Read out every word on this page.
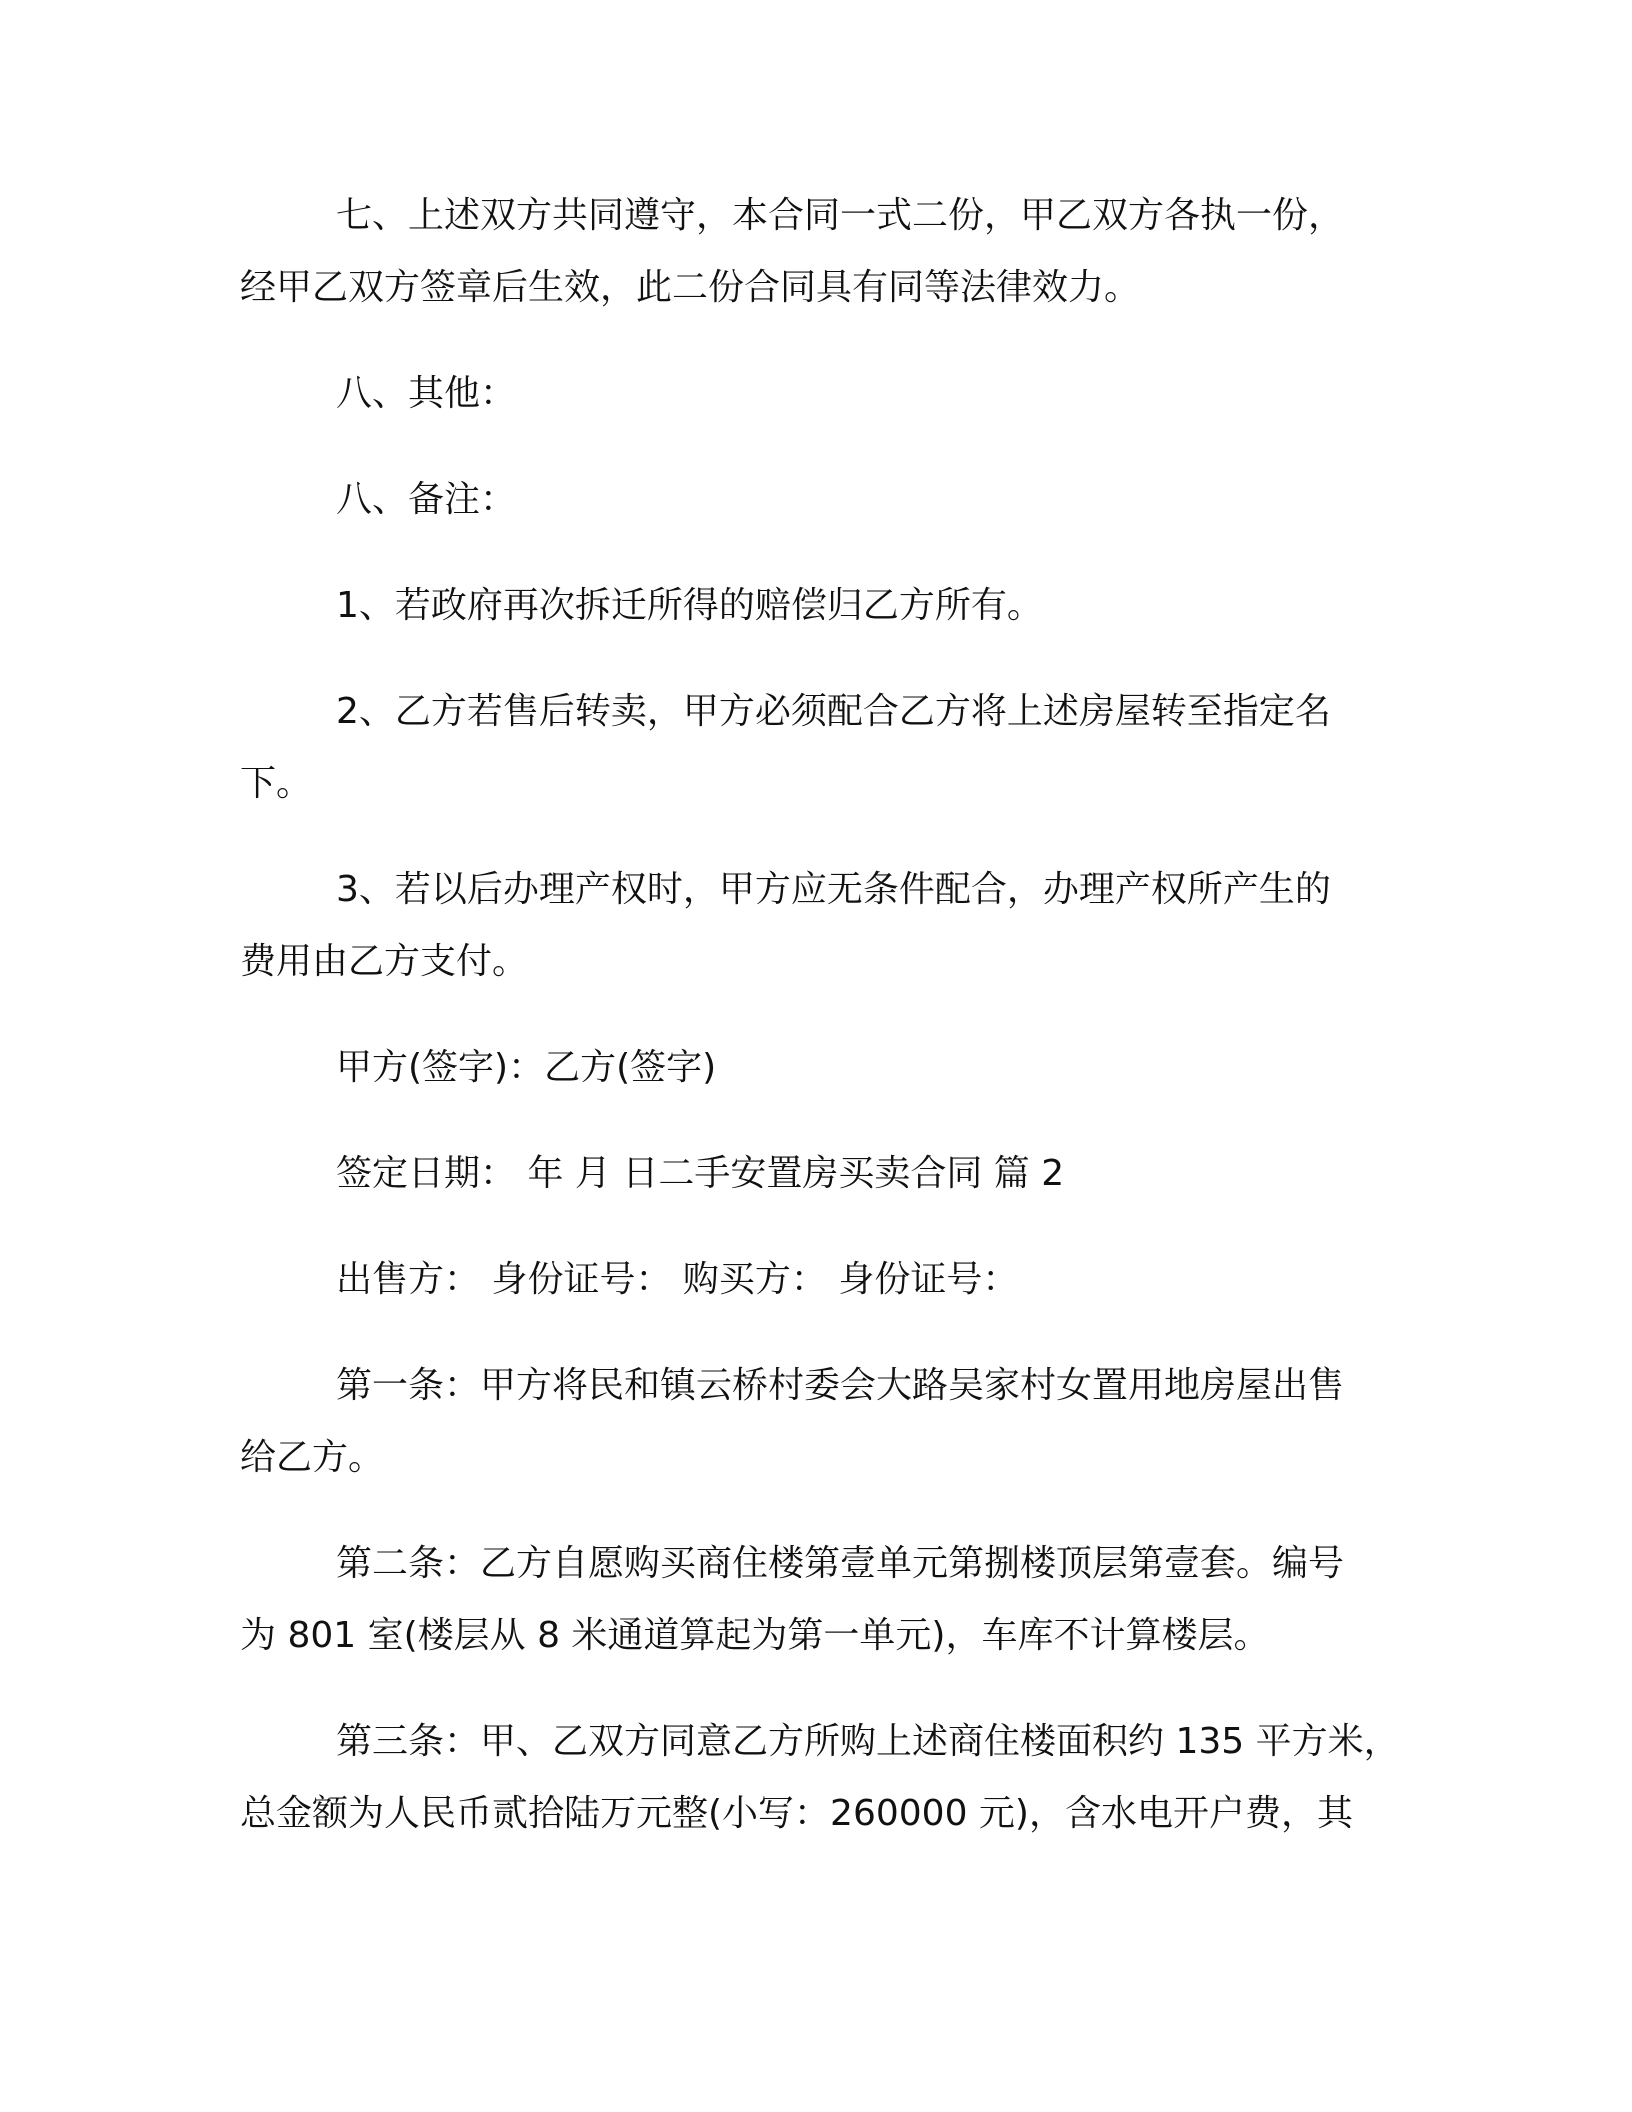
七、上述双方共同遵守，本合同一式二份，甲乙双方各执一份，
经甲乙双方签章后生效，此二份合同具有同等法律效力。
八、其他：
八、备注：
1、若政府再次拆迁所得的赔偿归乙方所有。
2、乙方若售后转卖，甲方必须配合乙方将上述房屋转至指定名
下。
3、若以后办理产权时，甲方应无条件配合，办理产权所产生的
费用由乙方支付。
甲方(签字)：乙方(签字)
签定日期： 年 月 日二手安置房买卖合同 篇 2
出售方： 身份证号： 购买方： 身份证号：
第一条：甲方将民和镇云桥村委会大路吴家村女置用地房屋出售
给乙方。
第二条：乙方自愿购买商住楼第壹单元第捌楼顶层第壹套。编号
为 801 室(楼层从 8 米通道算起为第一单元)，车库不计算楼层。
第三条：甲、乙双方同意乙方所购上述商住楼面积约 135 平方米，
总金额为人民币贰拾陆万元整(小写：260000 元)，含水电开户费，其
